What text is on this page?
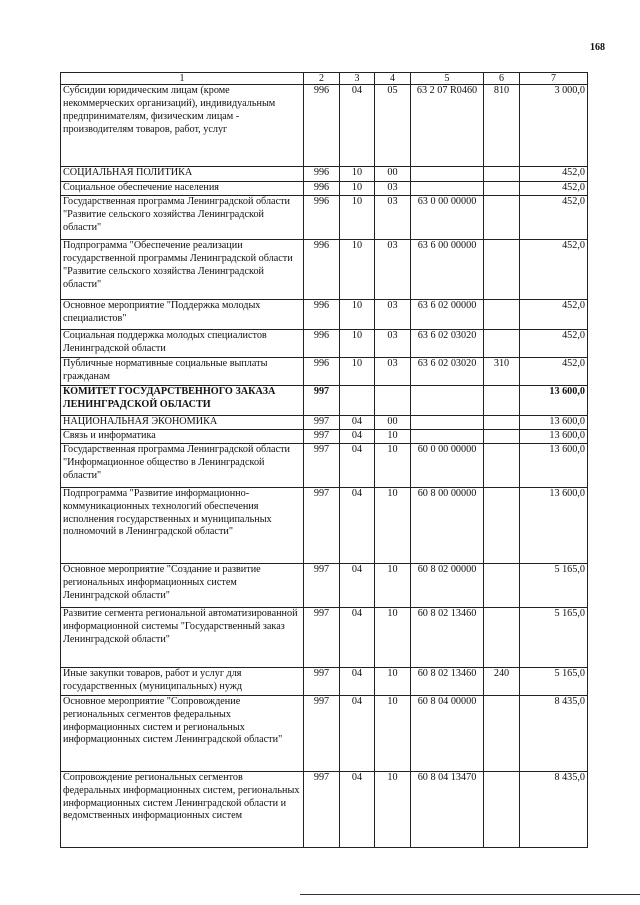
168
1	2	3	4	5	6	7
Субсидии юридическим лицам (кроме некоммерческих организаций), индивидуальным предпринимателям, физическим лицам - производителям товаров, работ, услуг	996	04	05	63 2 07 R0460	810	3 000,0
СОЦИАЛЬНАЯ ПОЛИТИКА	996	10	00			452,0
Социальное обеспечение населения	996	10	03			452,0
Государственная программа Ленинградской области "Развитие сельского хозяйства Ленинградской области"	996	10	03	63 0 00 00000		452,0
Подпрограмма "Обеспечение реализации государственной программы Ленинградской области "Развитие сельского хозяйства Ленинградской области"	996	10	03	63 6 00 00000		452,0
Основное мероприятие "Поддержка молодых специалистов"	996	10	03	63 6 02 00000		452,0
Социальная поддержка молодых специалистов Ленинградской области	996	10	03	63 6 02 03020		452,0
Публичные нормативные социальные выплаты гражданам	996	10	03	63 6 02 03020	310	452,0
КОМИТЕТ ГОСУДАРСТВЕННОГО ЗАКАЗА ЛЕНИНГРАДСКОЙ ОБЛАСТИ	997					13 600,0
НАЦИОНАЛЬНАЯ ЭКОНОМИКА	997	04	00			13 600,0
Связь и информатика	997	04	10			13 600,0
Государственная программа Ленинградской области "Информационное общество в Ленинградской области"	997	04	10	60 0 00 00000		13 600,0
Подпрограмма "Развитие информационно-коммуникационных технологий обеспечения исполнения государственных и муниципальных полномочий в Ленинградской области"	997	04	10	60 8 00 00000		13 600,0
Основное мероприятие "Создание и развитие региональных информационных систем Ленинградской области"	997	04	10	60 8 02 00000		5 165,0
Развитие сегмента региональной автоматизированной информационной системы "Государственный заказ Ленинградской области"	997	04	10	60 8 02 13460		5 165,0
Иные закупки товаров, работ и услуг для государственных (муниципальных) нужд	997	04	10	60 8 02 13460	240	5 165,0
Основное мероприятие "Сопровождение региональных сегментов федеральных информационных систем и региональных информационных систем Ленинградской области"	997	04	10	60 8 04 00000		8 435,0
Сопровождение региональных сегментов федеральных информационных систем, региональных информационных систем Ленинградской области и ведомственных информационных систем	997	04	10	60 8 04 13470		8 435,0
